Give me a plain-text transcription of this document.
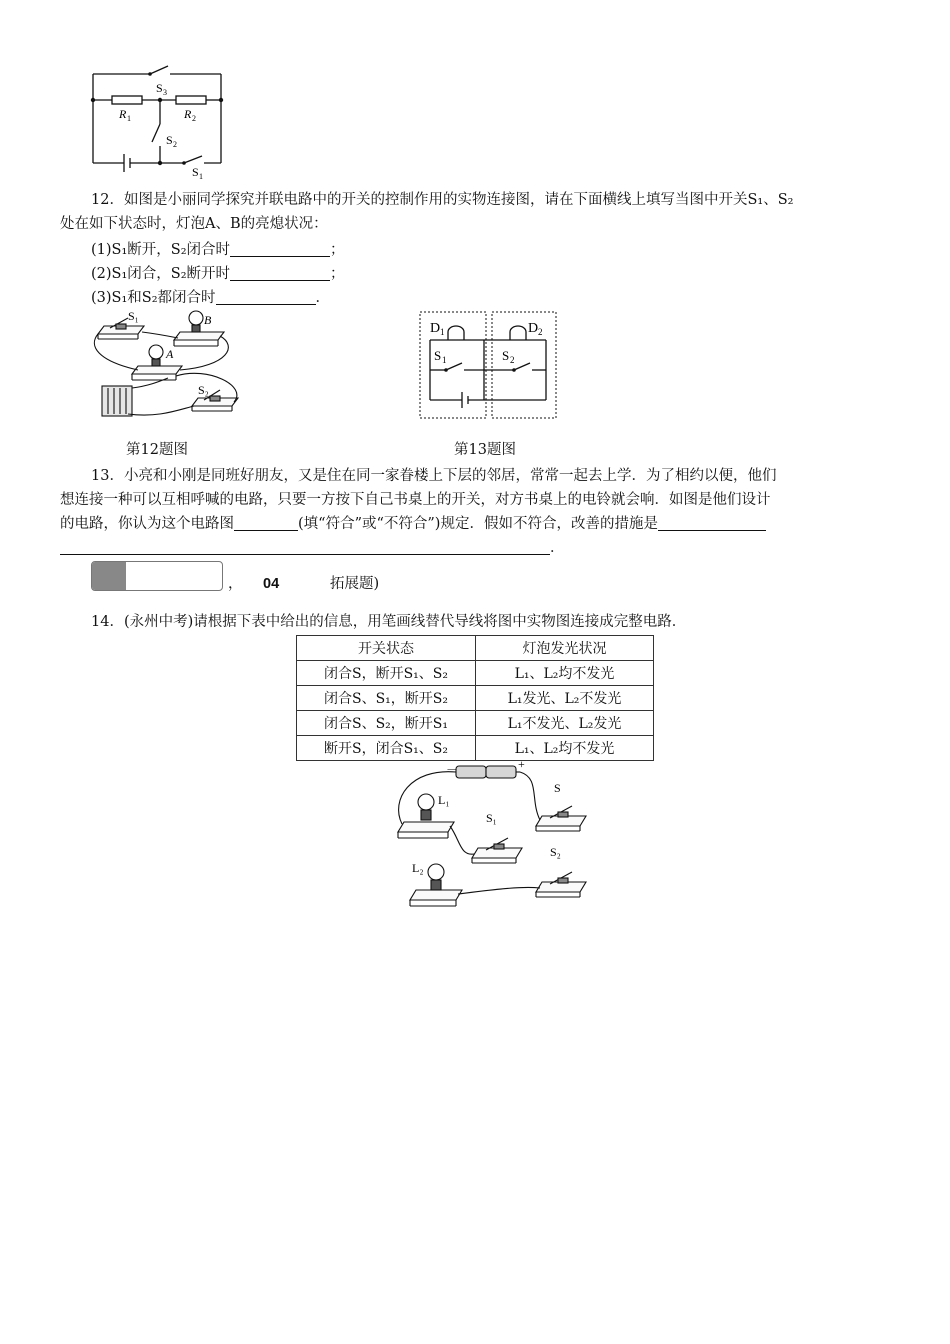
S 3
R 1	R 2
S 2
S 1
12．如图是小丽同学探究并联电路中的开关的控制作用的实物连接图，请在下面横线上填写当图中开关S₁、S₂
处在如下状态时，灯泡A、B的亮熄状况：
(1)S₁断开，S₂闭合时	；
(2)S₁闭合，S₂断开时	；
(3)S₁和S₂都闭合时	．
S₁	B
A
S₂
D 1	D 2
S 1	S 2
第12题图	第13题图
13．小亮和小刚是同班好朋友，又是住在同一家眷楼上下层的邻居，常常一起去上学．为了相约以便，他们
想连接一种可以互相呼喊的电路，只要一方按下自己书桌上的开关，对方书桌上的电铃就会响．如图是他们设计
的电路，你认为这个电路图	(填“符合”或“不符合”)规定．假如不符合，改善的措施是
．
， 04	拓展题)
14．(永州中考)请根据下表中给出的信息，用笔画线替代导线将图中实物图连接成完整电路．
开关状态	灯泡发光状况
闭合S，断开S₁、S₂	L₁、L₂均不发光
闭合S、S₁，断开S₂	L₁发光、L₂不发光
闭合S、S₂，断开S₁	L₁不发光、L₂发光
断开S，闭合S₁、S₂	L₁、L₂均不发光
－	+
S
L₁
S₁
L₂
S₂
